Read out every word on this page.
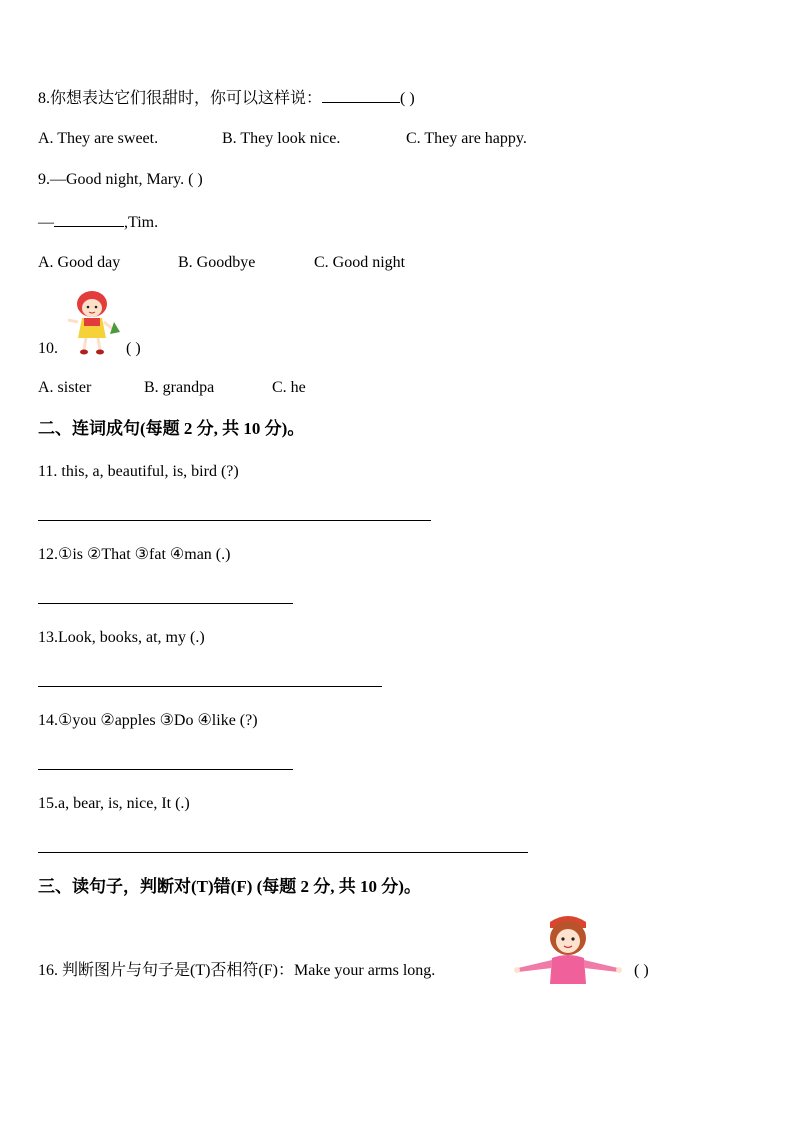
8.你想表达它们很甜时，你可以这样说：	( )
A. They are sweet.	B. They look nice.	C. They are happy.
9.—Good night, Mary. ( )
—	,Tim.
A. Good day	B. Goodbye	C. Good night
10.	( )
A. sister	B. grandpa	C. he
二、连词成句(每题 2 分, 共 10 分)。
11. this, a, beautiful, is, bird (?)
12.①is ②That ③fat ④man (.)
13.Look, books, at, my (.)
14.①you ②apples ③Do ④like (?)
15.a, bear, is, nice, It (.)
三、读句子，判断对(T)错(F) (每题 2 分, 共 10 分)。
16. 判断图片与句子是(T)否相符(F)：Make your arms long.	( )
